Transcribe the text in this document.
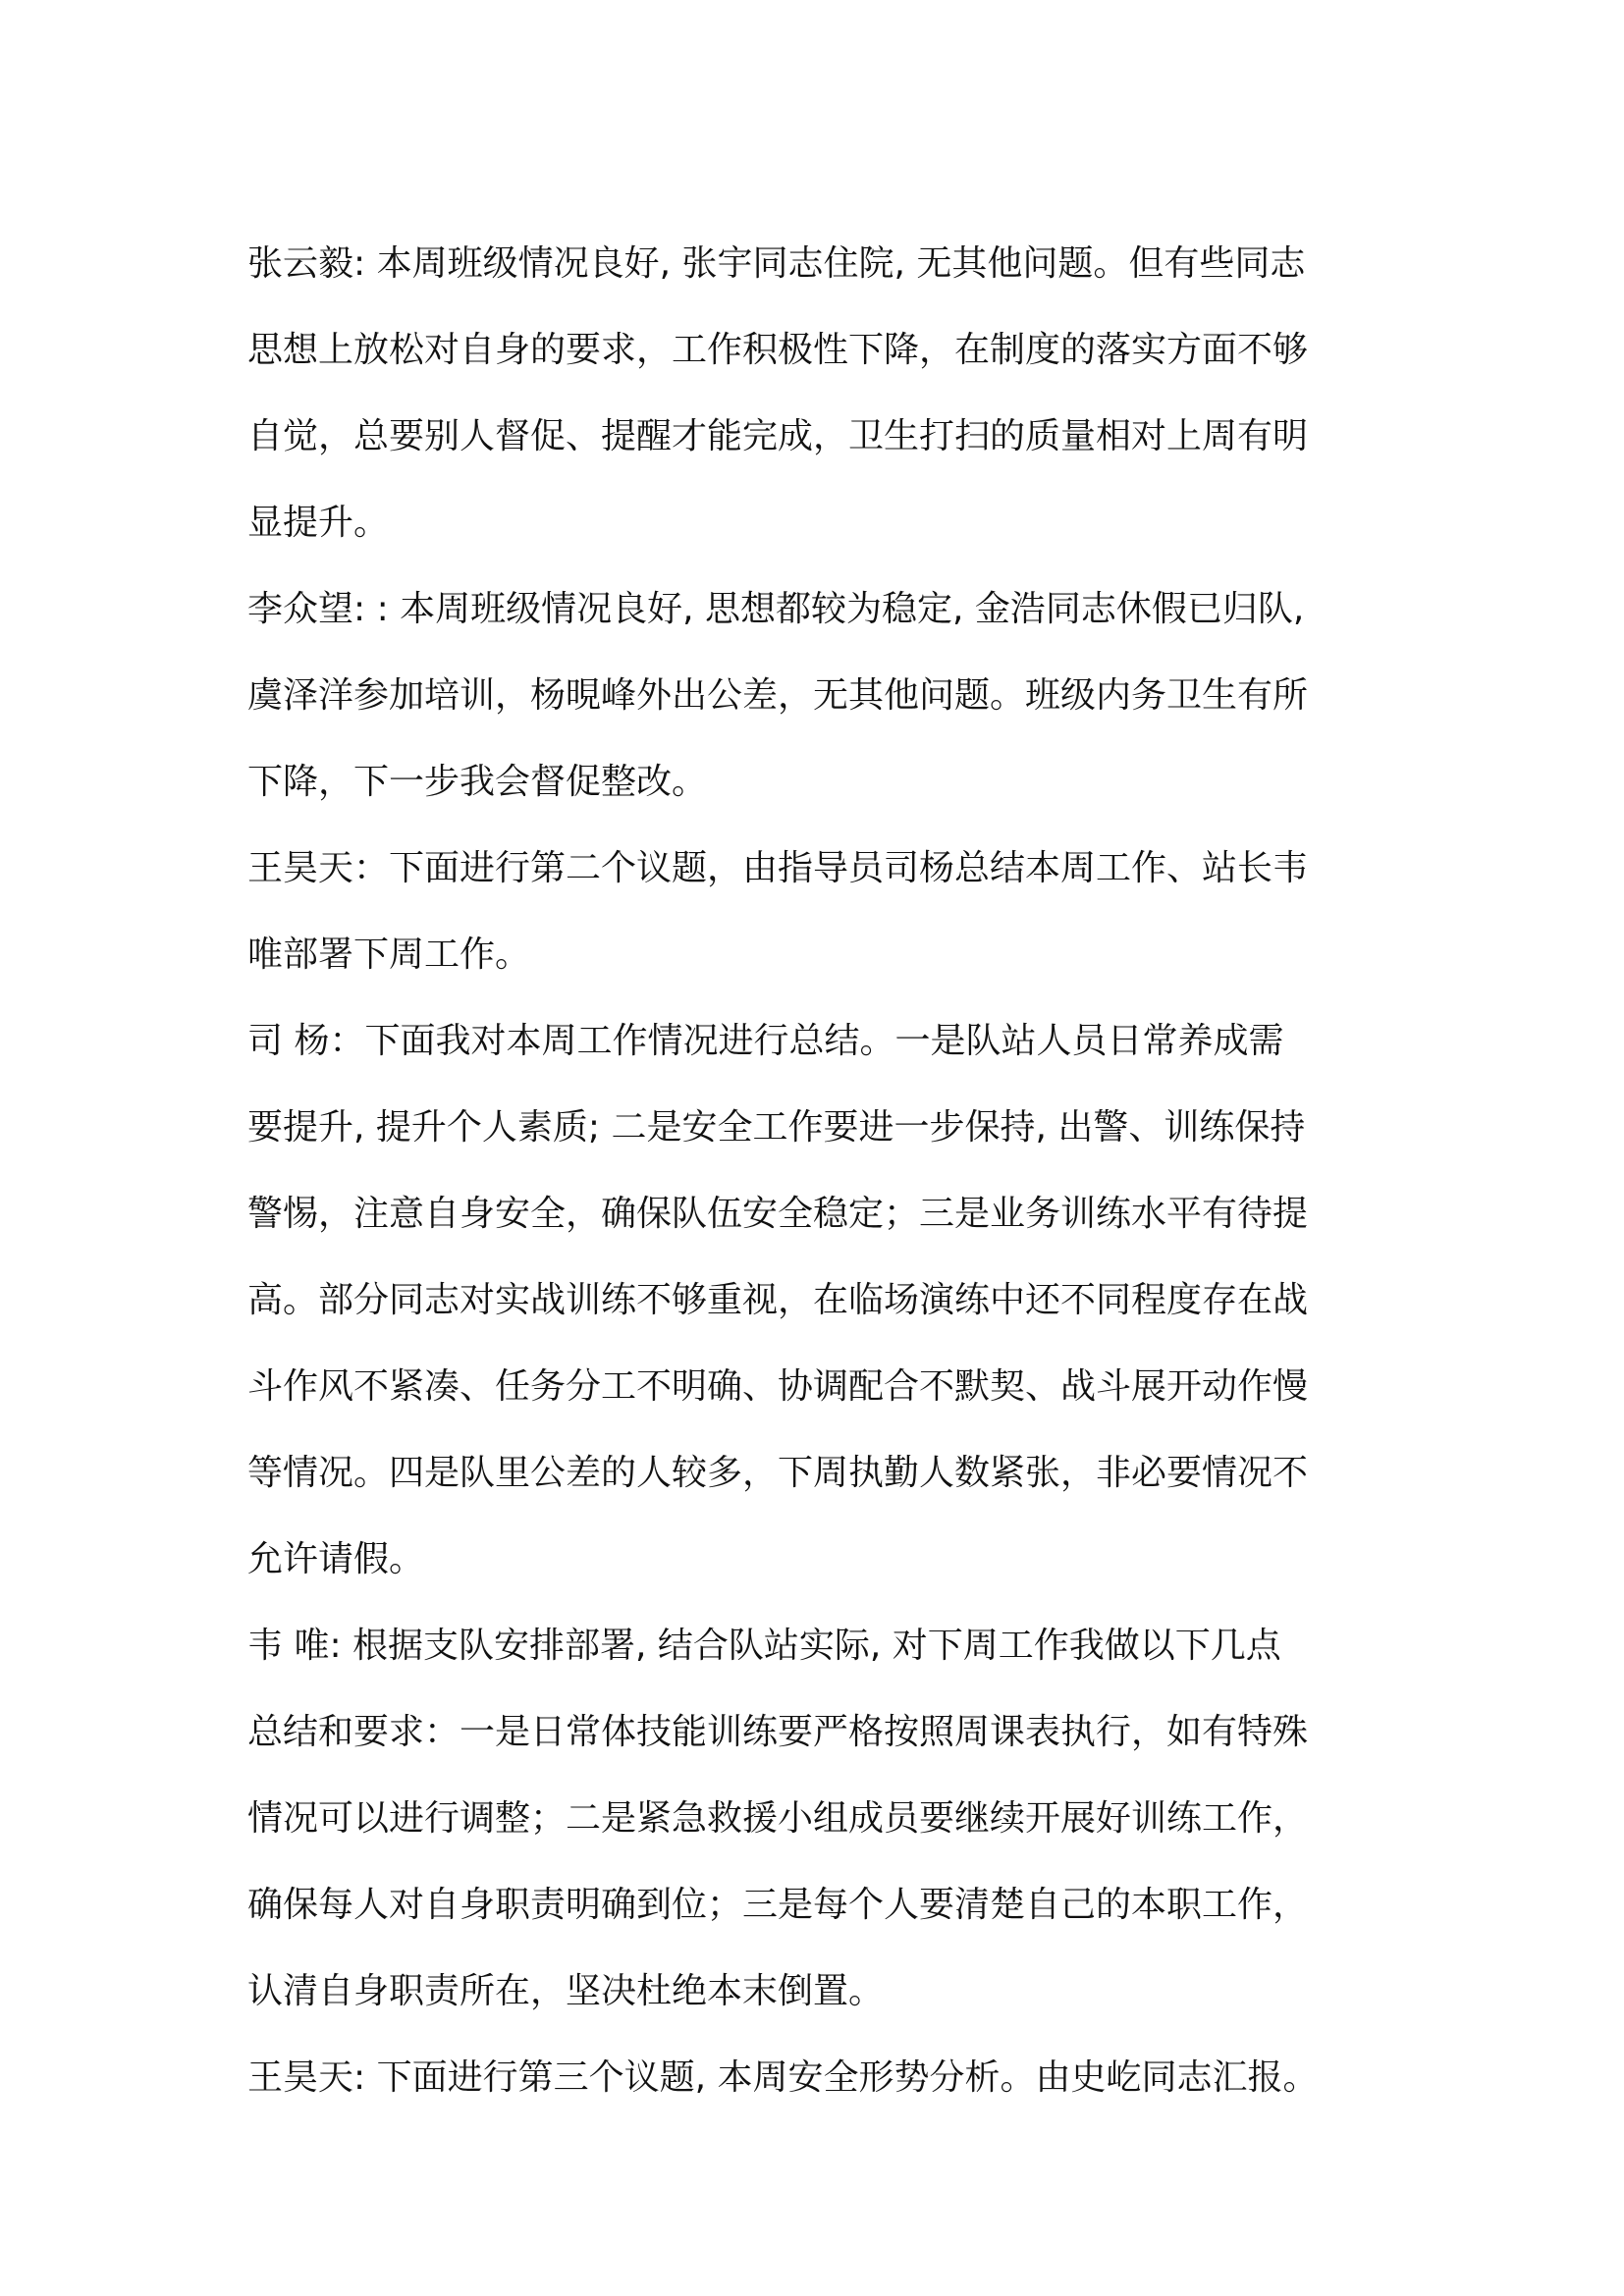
张云毅: 本周班级情况良好, 张宇同志住院, 无其他问题。但有些同志
思想上放松对自身的要求，工作积极性下降，在制度的落实方面不够
自觉，总要别人督促、提醒才能完成，卫生打扫的质量相对上周有明
显提升。
李众望: : 本周班级情况良好, 思想都较为稳定, 金浩同志休假已归队,
虞泽洋参加培训，杨晛峰外出公差，无其他问题。班级内务卫生有所
下降，下一步我会督促整改。
王昊天：下面进行第二个议题，由指导员司杨总结本周工作、站长韦
唯部署下周工作。
司 杨：下面我对本周工作情况进行总结。一是队站人员日常养成需
要提升, 提升个人素质; 二是安全工作要进一步保持, 出警、训练保持
警惕，注意自身安全，确保队伍安全稳定；三是业务训练水平有待提
高。部分同志对实战训练不够重视，在临场演练中还不同程度存在战
斗作风不紧凑、任务分工不明确、协调配合不默契、战斗展开动作慢
等情况。四是队里公差的人较多，下周执勤人数紧张，非必要情况不
允许请假。
韦 唯: 根据支队安排部署, 结合队站实际, 对下周工作我做以下几点
总结和要求：一是日常体技能训练要严格按照周课表执行，如有特殊
情况可以进行调整；二是紧急救援小组成员要继续开展好训练工作，
确保每人对自身职责明确到位；三是每个人要清楚自己的本职工作，
认清自身职责所在，坚决杜绝本末倒置。
王昊天: 下面进行第三个议题, 本周安全形势分析。由史屹同志汇报。
